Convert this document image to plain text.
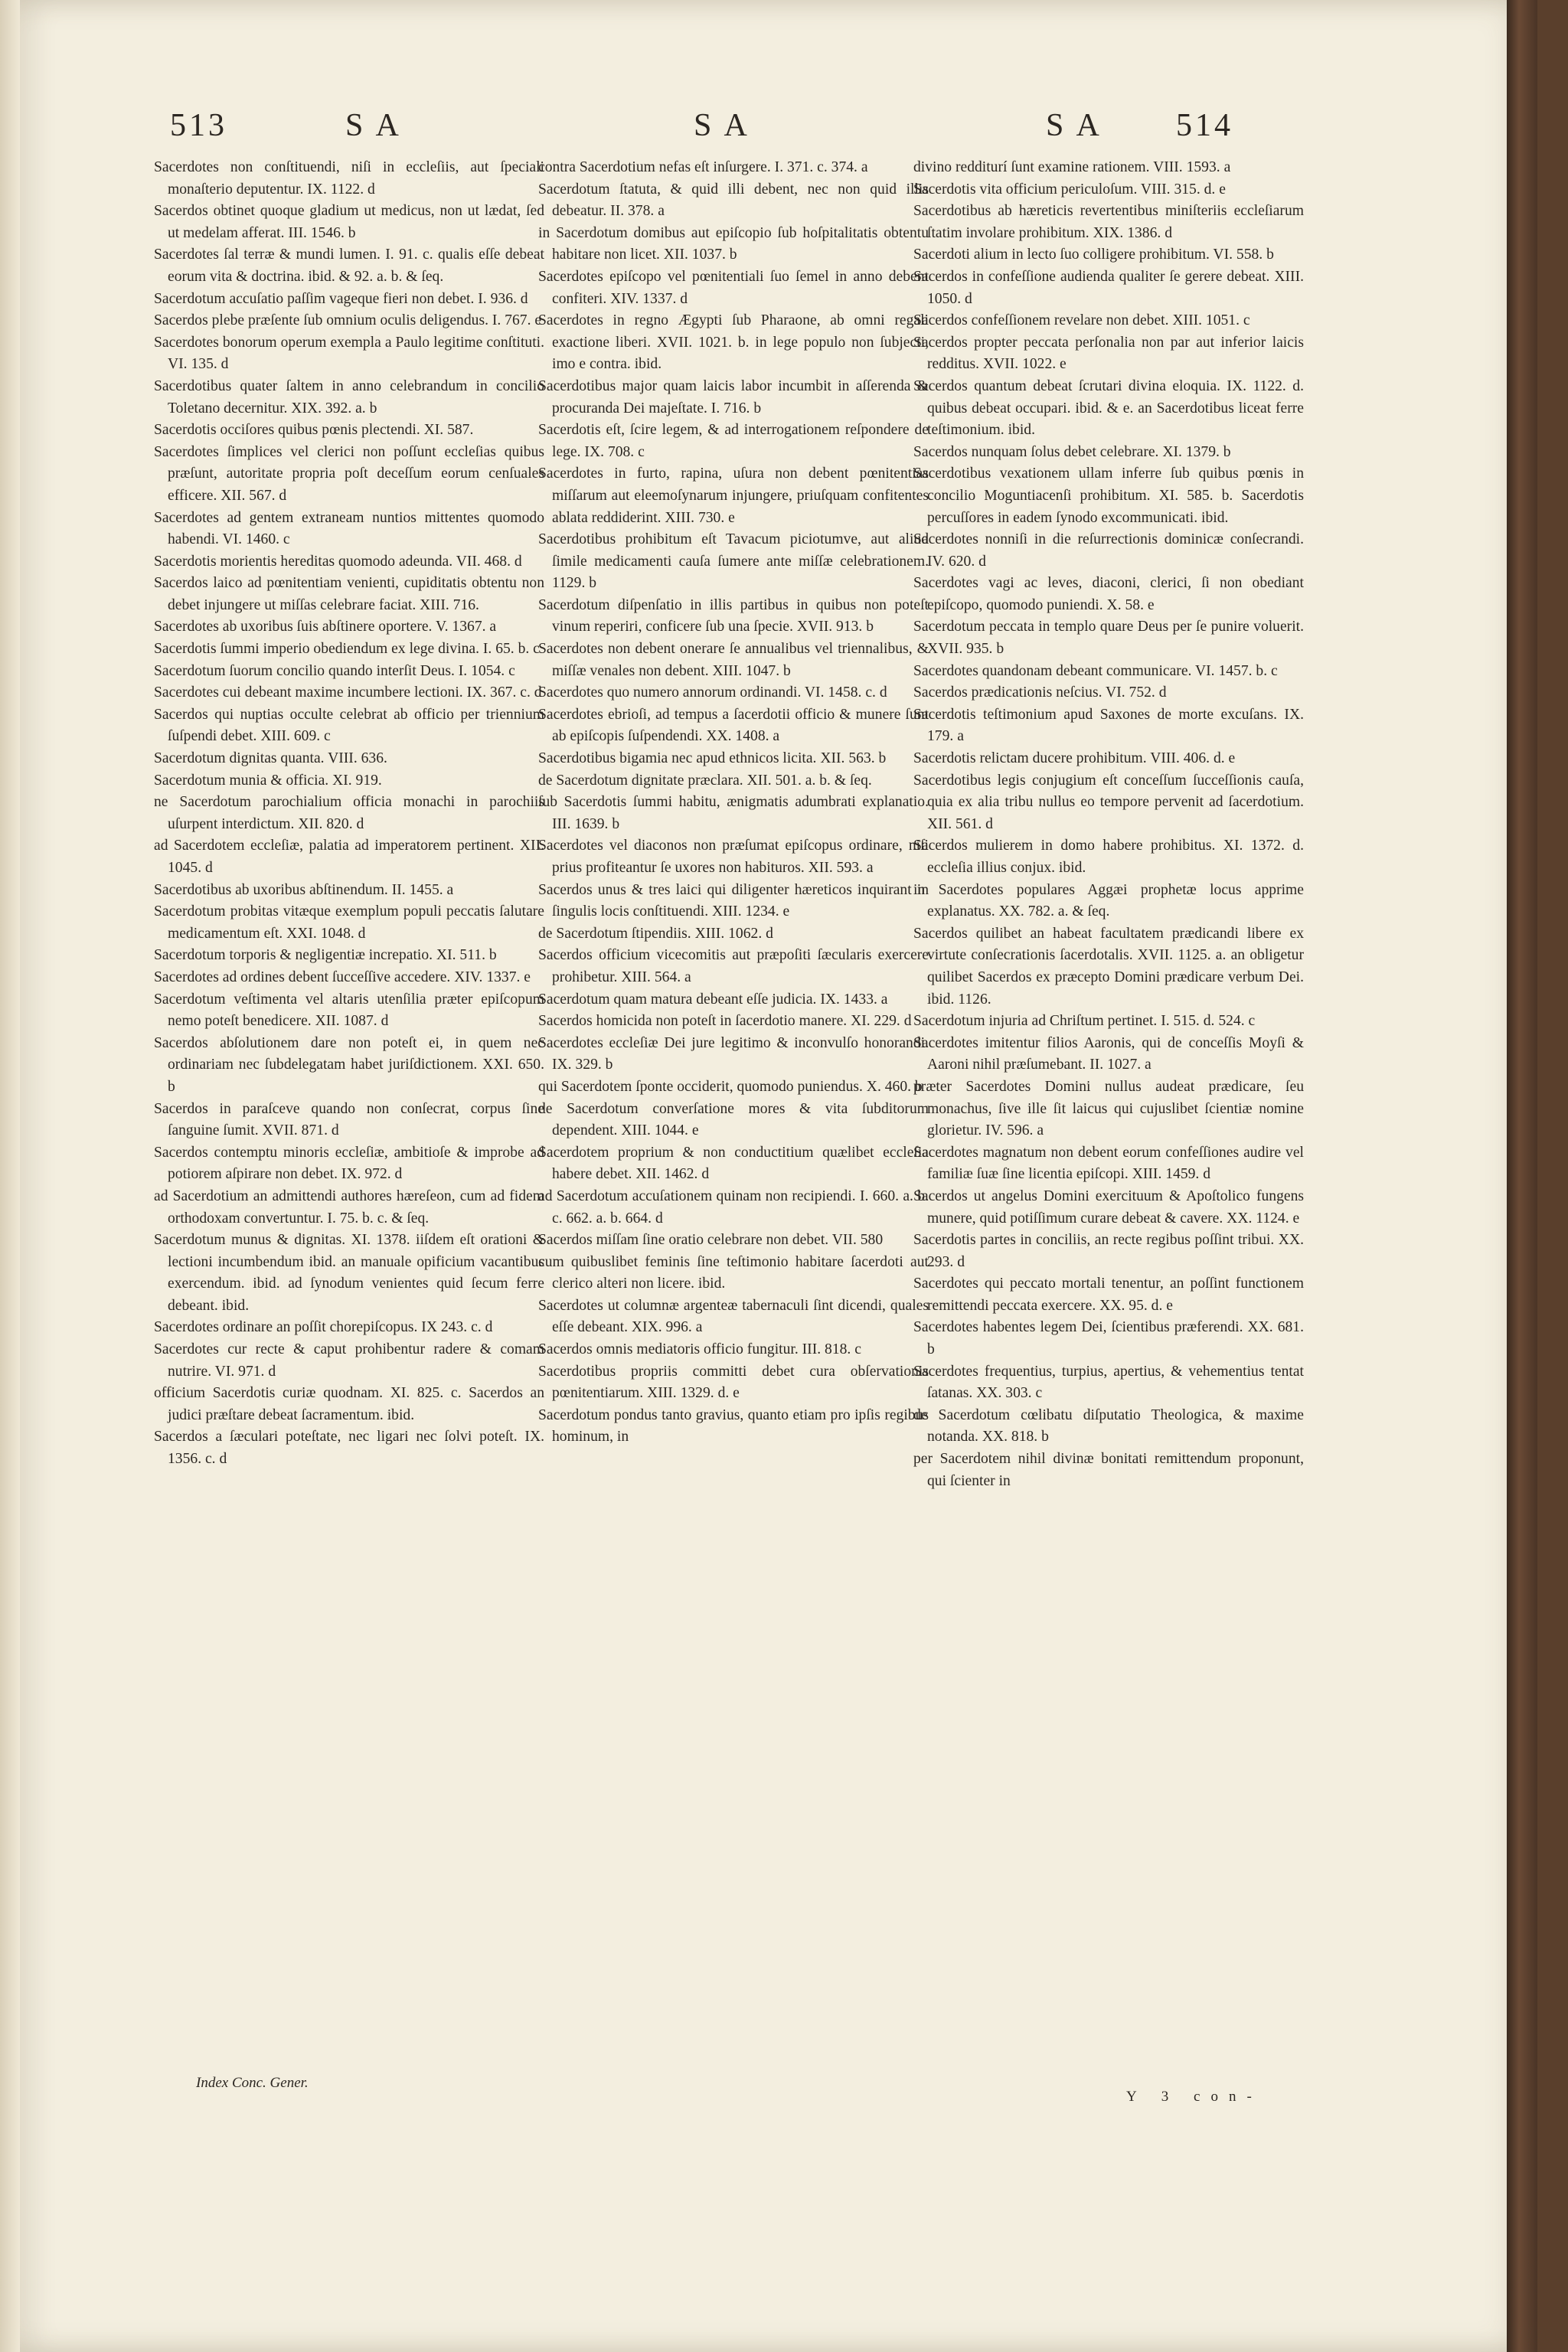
513	S A	S A	S A 514

Sacerdotes non conſtituendi, niſi in eccleſiis, aut ſpeciali monaſterio deputentur. IX. 1122. d

Sacerdos obtinet quoque gladium ut medicus, non ut lædat, ſed ut medelam afferat. III. 1546. b

Sacerdotes ſal terræ & mundi lumen. I. 91. c. qualis eſſe debeat eorum vita & doctrina. ibid. & 92. a. b. & ſeq.

Sacerdotum accuſatio paſſim vageque fieri non debet. I. 936. d

Sacerdos plebe præſente ſub omnium oculis deligendus. I. 767. e

Sacerdotes bonorum operum exempla a Paulo legitime conſtituti. VI. 135. d

Sacerdotibus quater ſaltem in anno celebrandum in concilio Toletano decernitur. XIX. 392. a. b

Sacerdotis occiſores quibus pœnis plectendi. XI. 587.

Sacerdotes ſimplices vel clerici non poſſunt eccleſias quibus præſunt, autoritate propria poſt deceſſum eorum cenſuales efficere. XII. 567. d

Sacerdotes ad gentem extraneam nuntios mittentes quomodo habendi. VI. 1460. c

Sacerdotis morientis hereditas quomodo adeunda. VII. 468. d

Sacerdos laico ad pœnitentiam venienti, cupiditatis obtentu non debet injungere ut miſſas celebrare faciat. XIII. 716.

Sacerdotes ab uxoribus ſuis abſtinere oportere. V. 1367. a

Sacerdotis ſummi imperio obediendum ex lege divina. I. 65. b. c

Sacerdotum ſuorum concilio quando interſit Deus. I. 1054. c

Sacerdotes cui debeant maxime incumbere lectioni. IX. 367. c. d

Sacerdos qui nuptias occulte celebrat ab officio per triennium ſuſpendi debet. XIII. 609. c

Sacerdotum dignitas quanta. VIII. 636.

Sacerdotum munia & officia. XI. 919.

ne Sacerdotum parochialium officia monachi in parochiis uſurpent interdictum. XII. 820. d

ad Sacerdotem eccleſiæ, palatia ad imperatorem pertinent. XII. 1045. d

Sacerdotibus ab uxoribus abſtinendum. II. 1455. a

Sacerdotum probitas vitæque exemplum populi peccatis ſalutare medicamentum eſt. XXI. 1048. d

Sacerdotum torporis & negligentiæ increpatio. XI. 511. b

Sacerdotes ad ordines debent ſucceſſive accedere. XIV. 1337. e

Sacerdotum veſtimenta vel altaris utenſilia præter epiſcopum nemo poteſt benedicere. XII. 1087. d

Sacerdos abſolutionem dare non poteſt ei, in quem nec ordinariam nec ſubdelegatam habet juriſdictionem. XXI. 650. b

Sacerdos in paraſceve quando non conſecrat, corpus ſine ſanguine ſumit. XVII. 871. d

Sacerdos contemptu minoris eccleſiæ, ambitioſe & improbe ad potiorem aſpirare non debet. IX. 972. d

ad Sacerdotium an admittendi authores hæreſeon, cum ad fidem orthodoxam convertuntur. I. 75. b. c. & ſeq.

Sacerdotum munus & dignitas. XI. 1378. iiſdem eſt orationi & lectioni incumbendum ibid. an manuale opificium vacantibus exercendum. ibid. ad ſynodum venientes quid ſecum ferre debeant. ibid.

Sacerdotes ordinare an poſſit chorepiſcopus. IX 243. c. d

Sacerdotes cur recte & caput prohibentur radere & comam nutrire. VI. 971. d

officium Sacerdotis curiæ quodnam. XI. 825. c. Sacerdos an judici præſtare debeat ſacramentum. ibid.

Sacerdos a ſæculari poteſtate, nec ligari nec ſolvi poteſt. IX. 1356. c. d

contra Sacerdotium nefas eſt inſurgere. I. 371. c. 374. a

Sacerdotum ſtatuta, & quid illi debent, nec non quid illis debeatur. II. 378. a

in Sacerdotum domibus aut epiſcopio ſub hoſpitalitatis obtentu habitare non licet. XII. 1037. b

Sacerdotes epiſcopo vel pœnitentiali ſuo ſemel in anno debent confiteri. XIV. 1337. d

Sacerdotes in regno Ægypti ſub Pharaone, ab omni regali exactione liberi. XVII. 1021. b. in lege populo non ſubjecti, imo e contra. ibid.

Sacerdotibus major quam laicis labor incumbit in aſſerenda & procuranda Dei majeſtate. I. 716. b

Sacerdotis eſt, ſcire legem, & ad interrogationem reſpondere de lege. IX. 708. c

Sacerdotes in furto, rapina, uſura non debent pœnitentias miſſarum aut eleemoſynarum injungere, priuſquam confitentes ablata reddiderint. XIII. 730. e

Sacerdotibus prohibitum eſt Tavacum piciotumve, aut aliud ſimile medicamenti cauſa ſumere ante miſſæ celebrationem. 1129. b

Sacerdotum diſpenſatio in illis partibus in quibus non poteſt vinum reperiri, conficere ſub una ſpecie. XVII. 913. b

Sacerdotes non debent onerare ſe annualibus vel triennalibus, & miſſæ venales non debent. XIII. 1047. b

Sacerdotes quo numero annorum ordinandi. VI. 1458. c. d

Sacerdotes ebrioſi, ad tempus a ſacerdotii officio & munere ſunt ab epiſcopis ſuſpendendi. XX. 1408. a

Sacerdotibus bigamia nec apud ethnicos licita. XII. 563. b

de Sacerdotum dignitate præclara. XII. 501. a. b. & ſeq.

ſub Sacerdotis ſummi habitu, ænigmatis adumbrati explanatio. III. 1639. b

Sacerdotes vel diaconos non præſumat epiſcopus ordinare, niſi prius profiteantur ſe uxores non habituros. XII. 593. a

Sacerdos unus & tres laici qui diligenter hæreticos inquirant in ſingulis locis conſtituendi. XIII. 1234. e

de Sacerdotum ſtipendiis. XIII. 1062. d

Sacerdos officium vicecomitis aut præpoſiti ſæcularis exercere prohibetur. XIII. 564. a

Sacerdotum quam matura debeant eſſe judicia. IX. 1433. a

Sacerdos homicida non poteſt in ſacerdotio manere. XI. 229. d

Sacerdotes eccleſiæ Dei jure legitimo & inconvulſo honorandi. IX. 329. b

qui Sacerdotem ſponte occiderit, quomodo puniendus. X. 460. b

de Sacerdotum converſatione mores & vita ſubditorum dependent. XIII. 1044. e

Sacerdotem proprium & non conductitium quælibet eccleſia habere debet. XII. 1462. d

ad Sacerdotum accuſationem quinam non recipiendi. I. 660. a. b. c. 662. a. b. 664. d

Sacerdos miſſam ſine oratio celebrare non debet. VII. 580

cum quibuslibet feminis ſine teſtimonio habitare ſacerdoti aut clerico alteri non licere. ibid.

Sacerdotes ut columnæ argenteæ tabernaculi ſint dicendi, quales eſſe debeant. XIX. 996. a

Sacerdos omnis mediatoris officio fungitur. III. 818. c

Sacerdotibus propriis committi debet cura obſervationis pœnitentiarum. XIII. 1329. d. e

Sacerdotum pondus tanto gravius, quanto etiam pro ipſis regibus hominum, in

divino redditurí ſunt examine rationem. VIII. 1593. a

Sacerdotis vita officium periculoſum. VIII. 315. d. e

Sacerdotibus ab hæreticis revertentibus miniſteriis eccleſiarum ſtatim involare prohibitum. XIX. 1386. d

Sacerdoti alium in lecto ſuo colligere prohibitum. VI. 558. b

Sacerdos in confeſſione audienda qualiter ſe gerere debeat. XIII. 1050. d

Sacerdos confeſſionem revelare non debet. XIII. 1051. c

Sacerdos propter peccata perſonalia non par aut inferior laicis redditus. XVII. 1022. e

Sacerdos quantum debeat ſcrutari divina eloquia. IX. 1122. d. quibus debeat occupari. ibid. & e. an Sacerdotibus liceat ferre teſtimonium. ibid.

Sacerdos nunquam ſolus debet celebrare. XI. 1379. b

Sacerdotibus vexationem ullam inferre ſub quibus pœnis in concilio Moguntiacenſi prohibitum. XI. 585. b. Sacerdotis percuſſores in eadem ſynodo excommunicati. ibid.

Sacerdotes nonniſi in die reſurrectionis dominicæ conſecrandi. IV. 620. d

Sacerdotes vagi ac leves, diaconi, clerici, ſi non obediant epiſcopo, quomodo puniendi. X. 58. e

Sacerdotum peccata in templo quare Deus per ſe punire voluerit. XVII. 935. b

Sacerdotes quandonam debeant communicare. VI. 1457. b. c

Sacerdos prædicationis neſcius. VI. 752. d

Sacerdotis teſtimonium apud Saxones de morte excuſans. IX. 179. a

Sacerdotis relictam ducere prohibitum. VIII. 406. d. e

Sacerdotibus legis conjugium eſt conceſſum ſucceſſionis cauſa, quia ex alia tribu nullus eo tempore pervenit ad ſacerdotium. XII. 561. d

Sacerdos mulierem in domo habere prohibitus. XI. 1372. d. eccleſia illius conjux. ibid.

in Sacerdotes populares Aggæi prophetæ locus apprime explanatus. XX. 782. a. & ſeq.

Sacerdos quilibet an habeat facultatem prædicandi libere ex virtute conſecrationis ſacerdotalis. XVII. 1125. a. an obligetur quilibet Sacerdos ex præcepto Domini prædicare verbum Dei. ibid. 1126.

Sacerdotum injuria ad Chriſtum pertinet. I. 515. d. 524. c

Sacerdotes imitentur filios Aaronis, qui de conceſſis Moyſi & Aaroni nihil præſumebant. II. 1027. a

præter Sacerdotes Domini nullus audeat prædicare, ſeu monachus, ſive ille ſit laicus qui cujuslibet ſcientiæ nomine glorietur. IV. 596. a

Sacerdotes magnatum non debent eorum confeſſiones audire vel familiæ ſuæ ſine licentia epiſcopi. XIII. 1459. d

Sacerdos ut angelus Domini exercituum & Apoſtolico fungens munere, quid potiſſimum curare debeat & cavere. XX. 1124. e

Sacerdotis partes in conciliis, an recte regibus poſſint tribui. XX. 293. d

Sacerdotes qui peccato mortali tenentur, an poſſint functionem remittendi peccata exercere. XX. 95. d. e

Sacerdotes habentes legem Dei, ſcientibus præferendi. XX. 681. b

Sacerdotes frequentius, turpius, apertius, & vehementius tentat ſatanas. XX. 303. c

de Sacerdotum cœlibatu diſputatio Theologica, & maxime notanda. XX. 818. b

per Sacerdotem nihil divinæ bonitati remittendum proponunt, qui ſcienter in

Index Conc. Gener.
Y 3 con-
